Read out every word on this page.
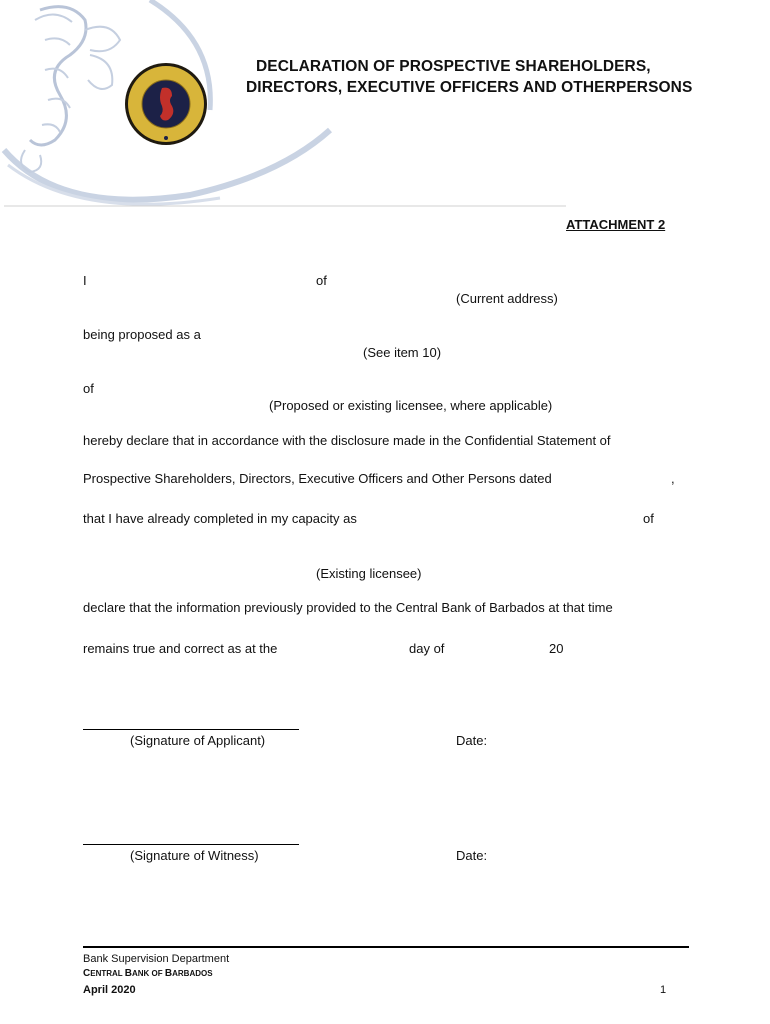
DECLARATION OF PROSPECTIVE SHAREHOLDERS,
DIRECTORS, EXECUTIVE OFFICERS AND OTHERPERSONS
ATTACHMENT 2
I	of
(Current address)
being proposed as a
(See item 10)
of
(Proposed or existing licensee, where applicable)
hereby declare that in accordance with the disclosure made in the Confidential Statement of
Prospective Shareholders, Directors, Executive Officers and Other Persons dated	,
that I have already completed in my capacity as	of
(Existing licensee)
declare that the information previously provided to the Central Bank of Barbados at that time
remains true and correct as at the	day of	20
(Signature of Applicant)	Date:
(Signature of Witness)	Date:
Bank Supervision Department
CENTRAL BANK OF BARBADOS
April 2020	1
